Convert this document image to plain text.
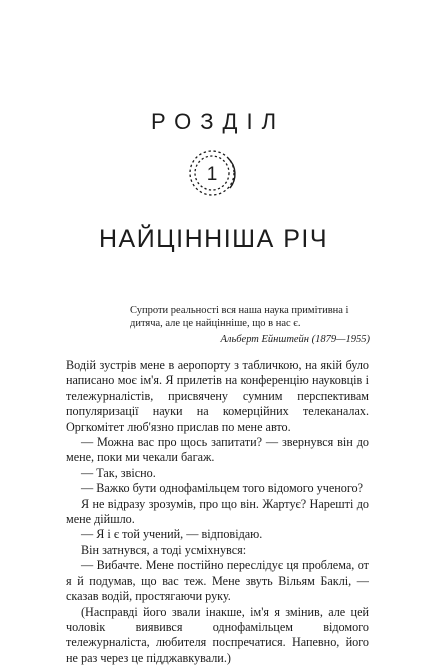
РОЗДІЛ
1
НАЙЦІННІША РІЧ

Супроти реальності вся наша наука примітивна і дитяча, але це найцінніше, що в нас є.

Альберт Ейнштейн (1879—1955)

Водій зустрів мене в аеропорту з табличкою, на якій було написано моє ім'я. Я прилетів на конференцію науковців і тележурналістів, присвячену сумним перспективам популяризації науки на комерційних телеканалах. Оргкомітет люб'язно прислав по мене авто.

— Можна вас про щось запитати? — звернувся він до мене, поки ми чекали багаж.

— Так, звісно.

— Важко бути однофамільцем того відомого ученого?

Я не відразу зрозумів, про що він. Жартує? Нарешті до мене дійшло.

— Я і є той учений, — відповідаю.

Він затнувся, а тоді усміхнувся:

— Вибачте. Мене постійно переслідує ця проблема, от я й подумав, що вас теж. Мене звуть Вільям Баклі, — сказав водій, простягаючи руку.

(Насправді його звали інакше, ім'я я змінив, але цей чоловік виявився однофамільцем відомого тележурналіста, любителя поспречатися. Напевно, його не раз через це підджавкували.)
